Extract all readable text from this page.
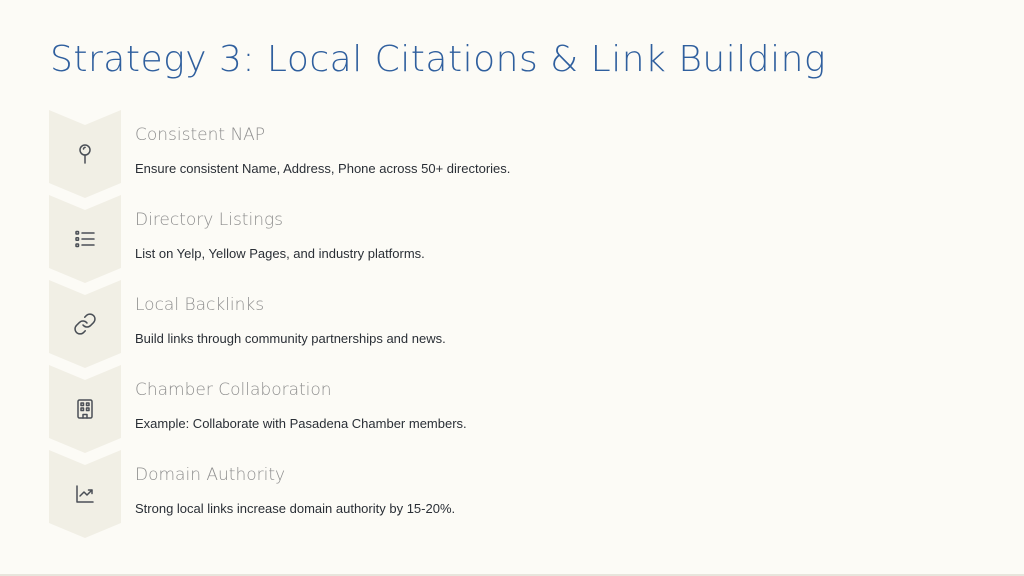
Strategy 3: Local Citations & Link Building
Consistent NAP
Ensure consistent Name, Address, Phone across 50+ directories.
Directory Listings
List on Yelp, Yellow Pages, and industry platforms.
Local Backlinks
Build links through community partnerships and news.
Chamber Collaboration
Example: Collaborate with Pasadena Chamber members.
Domain Authority
Strong local links increase domain authority by 15-20%.
